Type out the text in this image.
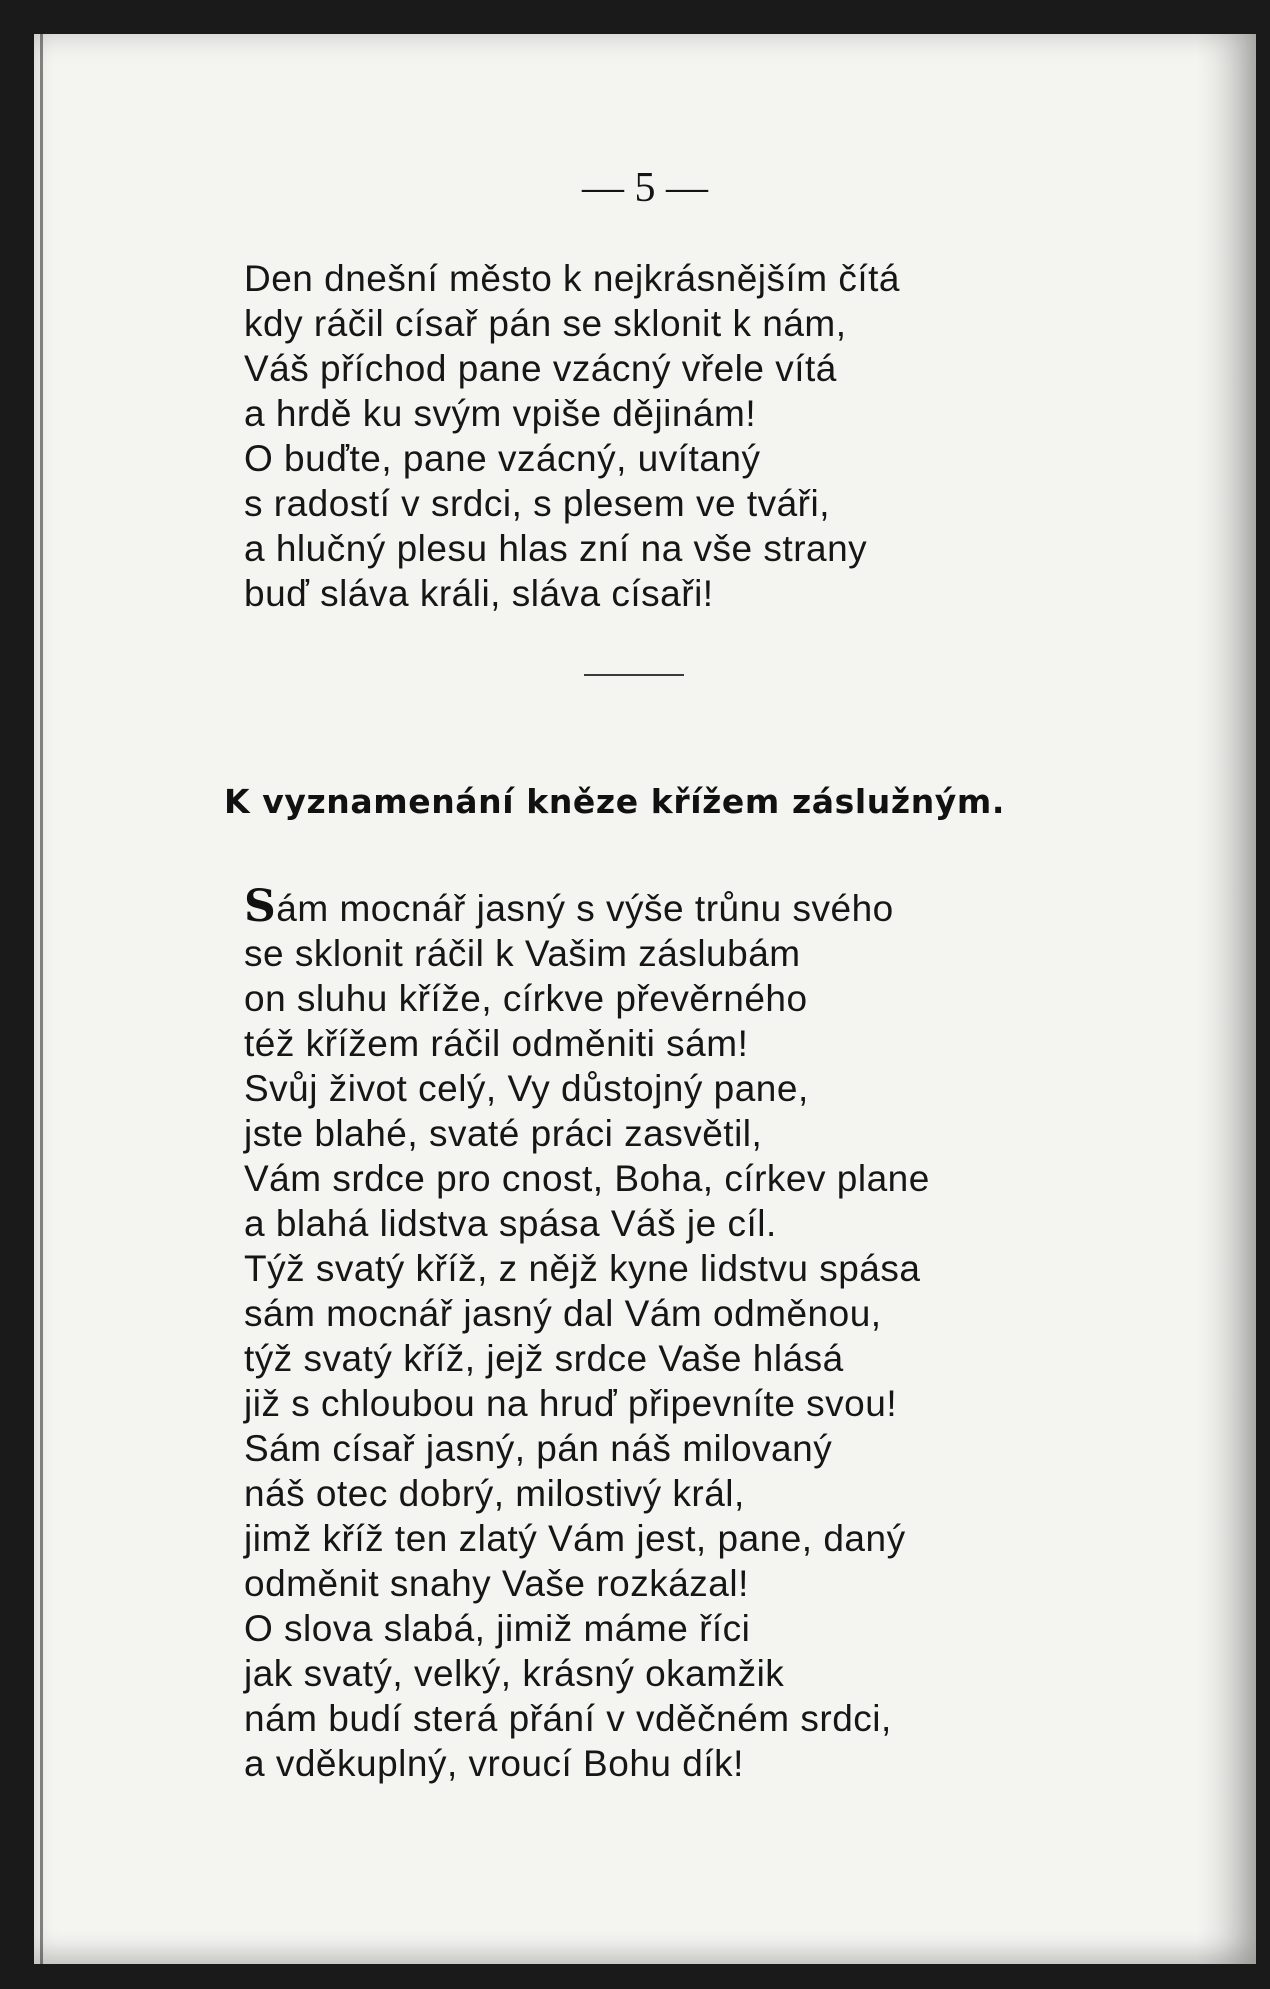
— 5 —
Den dnešní město k nejkrásnějším čítá
kdy ráčil císař pán se sklonit k nám,
Váš příchod pane vzácný vřele vítá
a hrdě ku svým vpiše dějinám!
O buďte, pane vzácný, uvítaný
s radostí v srdci, s plesem ve tváři,
a hlučný plesu hlas zní na vše strany
buď sláva králi, sláva císaři!
K vyznamenání kněze křížem záslužným.
Sám mocnář jasný s výše trůnu svého
se sklonit ráčil k Vašim záslubám
on sluhu kříže, církve převěrného
též křížem ráčil odměniti sám!
Svůj život celý, Vy důstojný pane,
jste blahé, svaté práci zasvětil,
Vám srdce pro cnost, Boha, církev plane
a blahá lidstva spása Váš je cíl.
Týž svatý kříž, z nějž kyne lidstvu spása
sám mocnář jasný dal Vám odměnou,
týž svatý kříž, jejž srdce Vaše hlásá
již s chloubou na hruď připevníte svou!
Sám císař jasný, pán náš milovaný
náš otec dobrý, milostivý král,
jimž kříž ten zlatý Vám jest, pane, daný
odměnit snahy Vaše rozkázal!
O slova slabá, jimiž máme říci
jak svatý, velký, krásný okamžik
nám budí sterá přání v vděčném srdci,
a vděkuplný, vroucí Bohu dík!
